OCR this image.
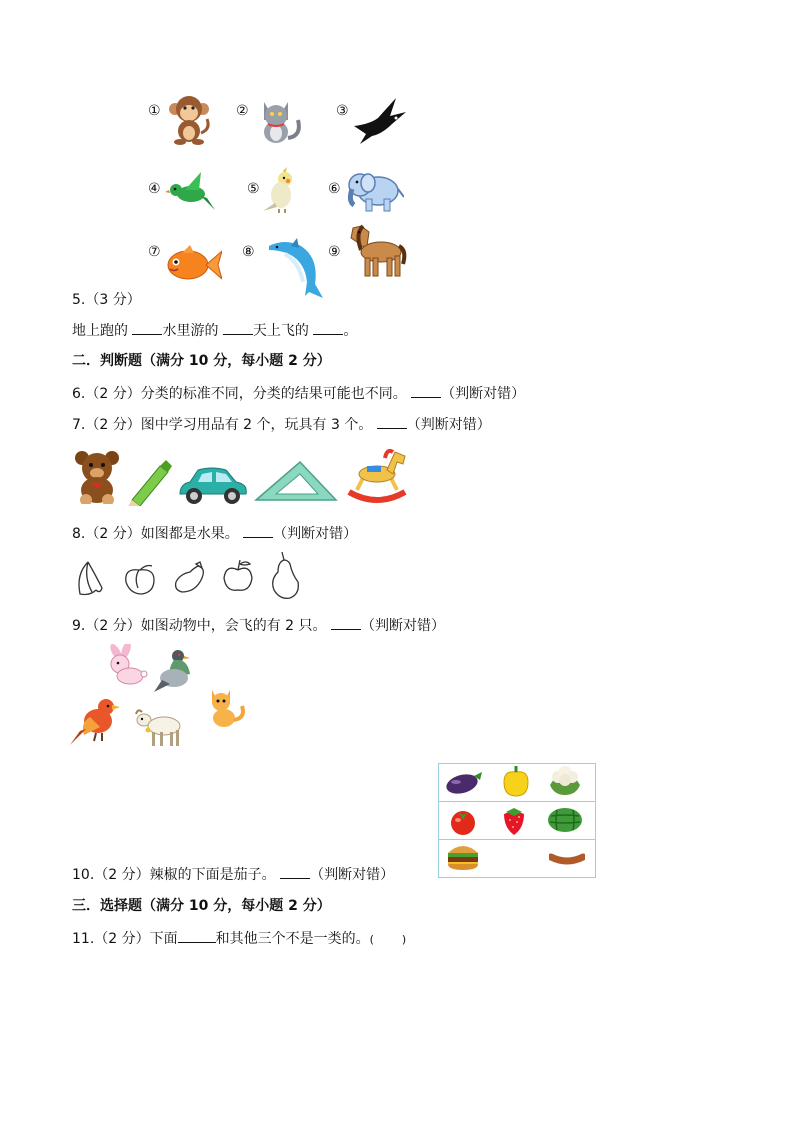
①	②	③
④	⑤	⑥
⑦	⑧	⑨
5.（3 分）
地上跑的 水里游的 天上飞的 。
二．判断题（满分 10 分，每小题 2 分）
6.（2 分）分类的标准不同，分类的结果可能也不同。 （判断对错）
7.（2 分）图中学习用品有 2 个，玩具有 3 个。 （判断对错）
8.（2 分）如图都是水果。 （判断对错）
9.（2 分）如图动物中，会飞的有 2 只。 （判断对错）
10.（2 分）辣椒的下面是茄子。 （判断对错）
三．选择题（满分 10 分，每小题 2 分）
11.（2 分）下面	和其他三个不是一类的。(        )
